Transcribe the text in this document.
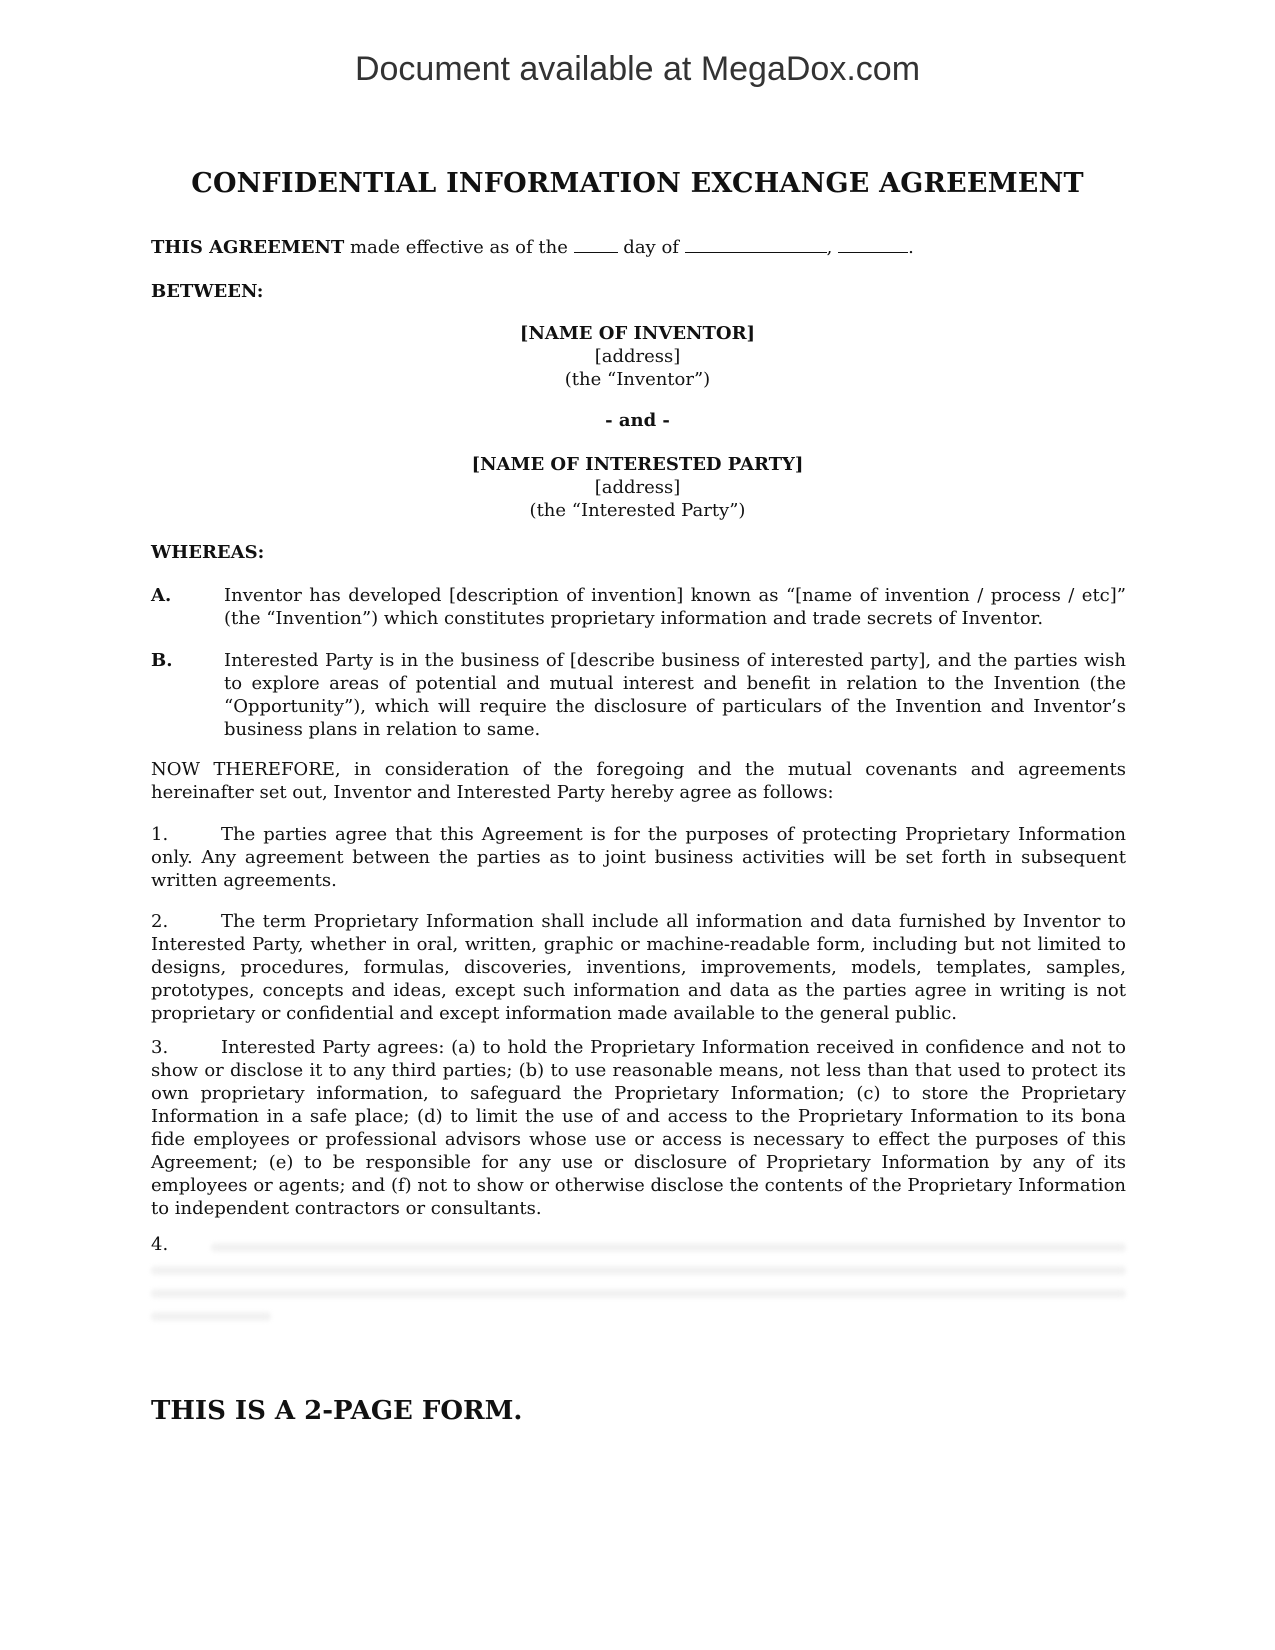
Document available at MegaDox.com
CONFIDENTIAL INFORMATION EXCHANGE AGREEMENT
THIS AGREEMENT made effective as of the  day of	,	.
BETWEEN:
[NAME OF INVENTOR]
[address]
(the “Inventor”)
- and -
[NAME OF INTERESTED PARTY]
[address]
(the “Interested Party”)
WHEREAS:
A.	Inventor has developed [description of invention] known as “[name of invention / process / etc]” (the “Invention”) which constitutes proprietary information and trade secrets of Inventor.
B.	Interested Party is in the business of [describe business of interested party], and the parties wish to explore areas of potential and mutual interest and benefit in relation to the Invention (the “Opportunity”), which will require the disclosure of particulars of the Invention and Inventor’s business plans in relation to same.
NOW THEREFORE, in consideration of the foregoing and the mutual covenants and agreements hereinafter set out, Inventor and Interested Party hereby agree as follows:
1.	The parties agree that this Agreement is for the purposes of protecting Proprietary Information only. Any agreement between the parties as to joint business activities will be set forth in subsequent written agreements.
2.	The term Proprietary Information shall include all information and data furnished by Inventor to Interested Party, whether in oral, written, graphic or machine-readable form, including but not limited to designs, procedures, formulas, discoveries, inventions, improvements, models, templates, samples, prototypes, concepts and ideas, except such information and data as the parties agree in writing is not proprietary or confidential and except information made available to the general public.
3.	Interested Party agrees: (a) to hold the Proprietary Information received in confidence and not to show or disclose it to any third parties; (b) to use reasonable means, not less than that used to protect its own proprietary information, to safeguard the Proprietary Information; (c) to store the Proprietary Information in a safe place; (d) to limit the use of and access to the Proprietary Information to its bona fide employees or professional advisors whose use or access is necessary to effect the purposes of this Agreement; (e) to be responsible for any use or disclosure of Proprietary Information by any of its employees or agents; and (f) not to show or otherwise disclose the contents of the Proprietary Information to independent contractors or consultants.
4.
THIS IS A 2-PAGE FORM.
